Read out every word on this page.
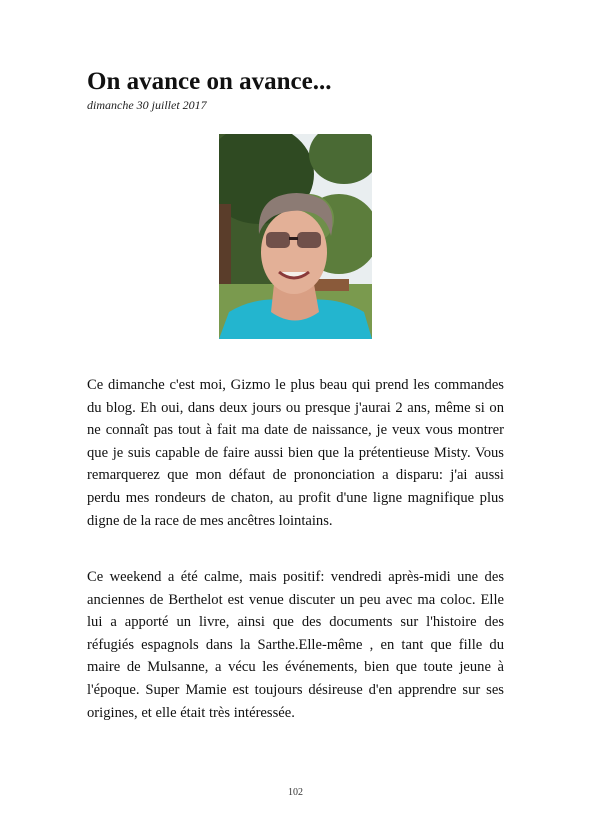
On avance on avance...
dimanche 30 juillet 2017

Ce dimanche c'est moi, Gizmo le plus beau qui prend les commandes du blog. Eh oui, dans deux jours ou presque j'aurai 2 ans, même si on ne connaît pas tout à fait ma date de naissance, je veux vous montrer que je suis capable de faire aussi bien que la prétentieuse Misty. Vous remarquerez que mon défaut de prononciation a disparu: j'ai aussi perdu mes rondeurs de chaton, au profit d'une ligne magnifique plus digne de la race de mes ancêtres lointains.

Ce weekend a été calme, mais positif: vendredi après-midi une des anciennes de Berthelot est venue discuter un peu avec ma coloc. Elle lui a apporté un livre, ainsi que des documents sur l'histoire des réfugiés espagnols dans la Sarthe.Elle-même , en tant que fille du maire de Mulsanne, a vécu les événements, bien que toute jeune à l'époque. Super Mamie est toujours désireuse d'en apprendre sur ses origines, et elle était très intéressée.

102
